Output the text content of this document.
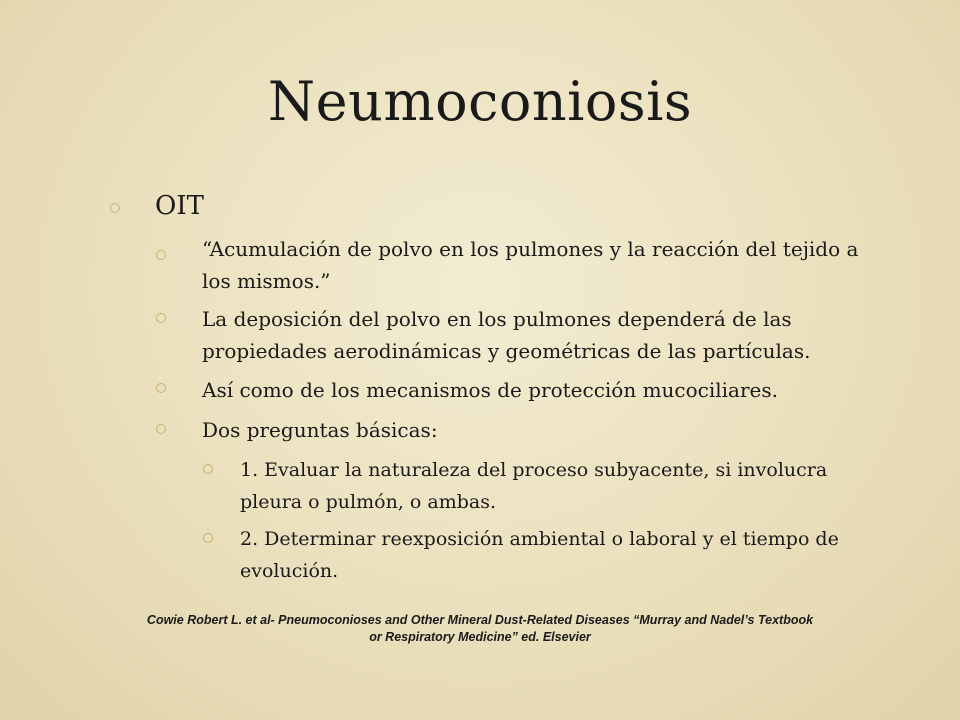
Neumoconiosis

OIT

“Acumulación de polvo en los pulmones y la reacción del tejido a los mismos.”

La deposición del polvo en los pulmones dependerá de las propiedades aerodinámicas y geométricas de las partículas.

Así como de los mecanismos de protección mucociliares.

Dos preguntas básicas:

1. Evaluar la naturaleza del proceso subyacente, si involucra pleura o pulmón, o ambas.

2. Determinar reexposición ambiental o laboral y el tiempo de evolución.

Cowie Robert L. et al- Pneumoconioses and Other Mineral Dust-Related Diseases “Murray and Nadel’s Textbook or Respiratory Medicine” ed. Elsevier
